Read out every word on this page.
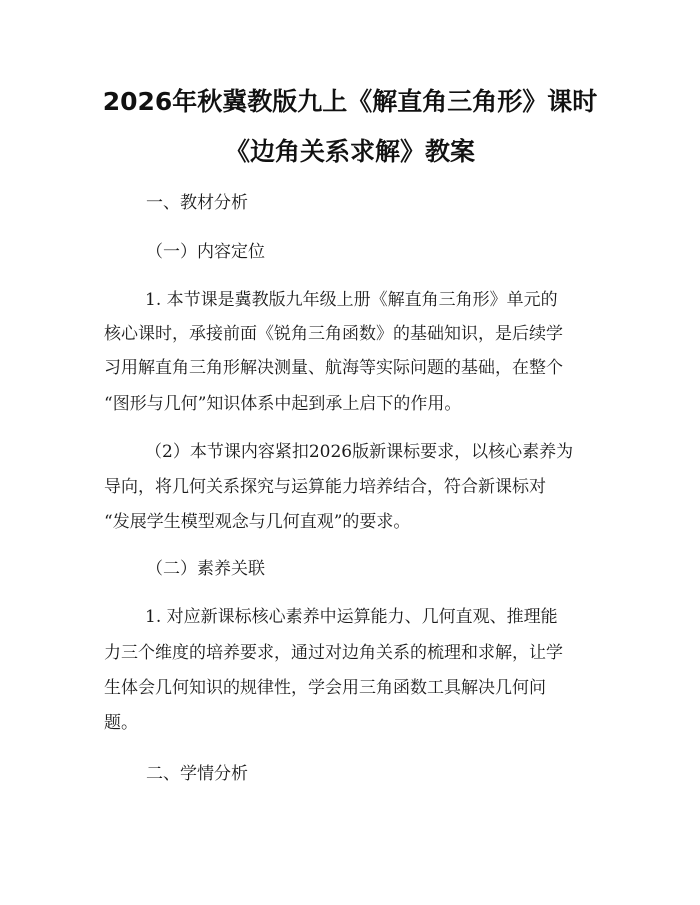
2026年秋冀教版九上《解直角三角形》课时
《边角关系求解》教案
一、教材分析
（一）内容定位
1. 本节课是冀教版九年级上册《解直角三角形》单元的
核心课时，承接前面《锐角三角函数》的基础知识，是后续学
习用解直角三角形解决测量、航海等实际问题的基础，在整个
“图形与几何”知识体系中起到承上启下的作用。
（2）本节课内容紧扣2026版新课标要求，以核心素养为
导向，将几何关系探究与运算能力培养结合，符合新课标对
“发展学生模型观念与几何直观”的要求。
（二）素养关联
1. 对应新课标核心素养中运算能力、几何直观、推理能
力三个维度的培养要求，通过对边角关系的梳理和求解，让学
生体会几何知识的规律性，学会用三角函数工具解决几何问
题。
二、学情分析
